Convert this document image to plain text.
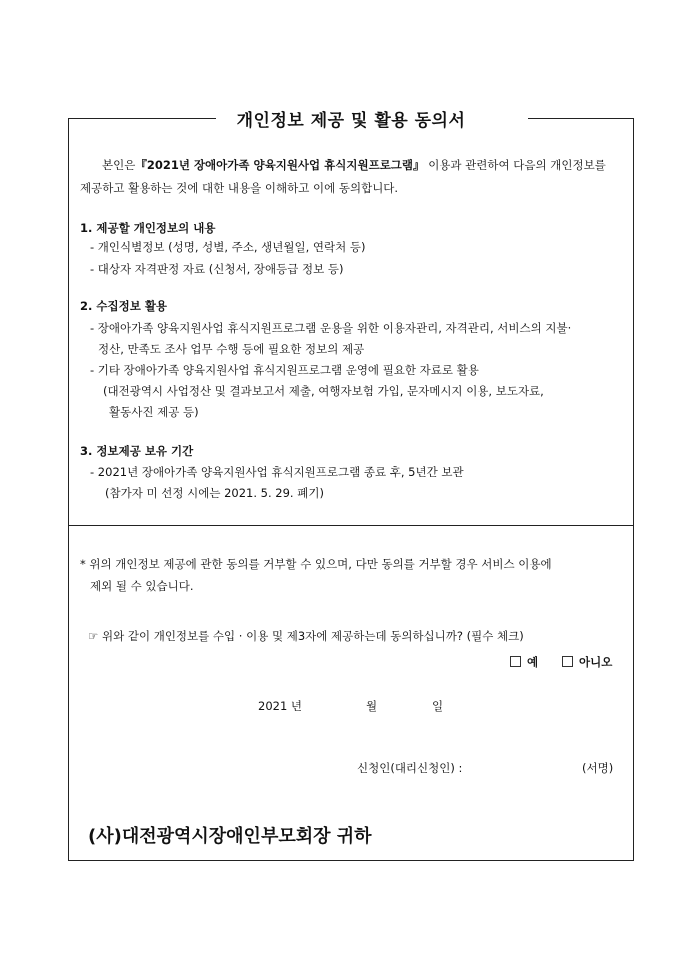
개인정보 제공 및 활용 동의서
본인은『2021년 장애아가족 양육지원사업 휴식지원프로그램』 이용과 관련하여 다음의 개인정보를
제공하고 활용하는 것에 대한 내용을 이해하고 이에 동의합니다.
1. 제공할 개인정보의 내용
- 개인식별정보 (성명, 성별, 주소, 생년월일, 연락처 등)
- 대상자 자격판정 자료 (신청서, 장애등급 정보 등)
2. 수집정보 활용
- 장애아가족 양육지원사업 휴식지원프로그램 운용을 위한 이용자관리, 자격관리, 서비스의 지불·
정산, 만족도 조사 업무 수행 등에 필요한 정보의 제공
- 기타 장애아가족 양육지원사업 휴식지원프로그램 운영에 필요한 자료로 활용
(대전광역시 사업정산 및 결과보고서 제출, 여행자보험 가입, 문자메시지 이용, 보도자료,
활동사진 제공 등)
3. 정보제공 보유 기간
- 2021년 장애아가족 양육지원사업 휴식지원프로그램 종료 후, 5년간 보관
(참가자 미 선정 시에는 2021. 5. 29. 폐기)
* 위의 개인정보 제공에 관한 동의를 거부할 수 있으며, 다만 동의를 거부할 경우 서비스 이용에
제외 될 수 있습니다.
☞ 위와 같이 개인정보를 수입 · 이용 및 제3자에 제공하는데 동의하십니까? (필수 체크)
예	아니오
2021 년	월	일
신청인(대리신청인) :	(서명)
(사)대전광역시장애인부모회장 귀하
